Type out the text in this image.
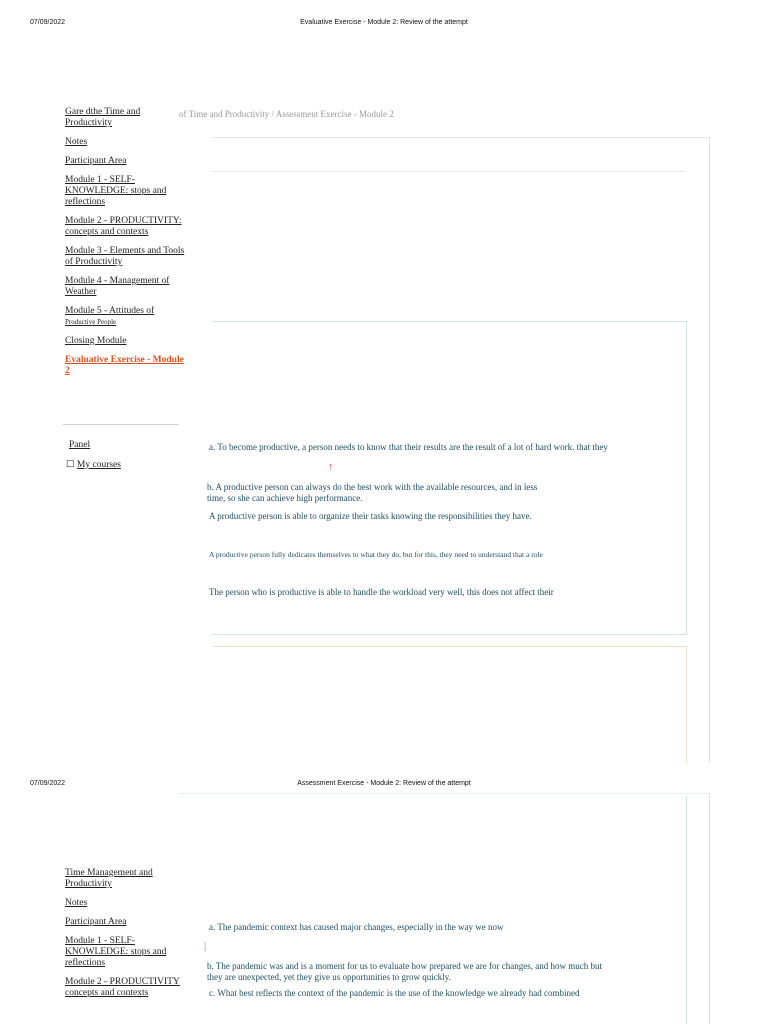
07/09/2022	Evaluative Exercise - Module 2: Review of the attempt
Gare dthe Time and Productivity
Notes
Participant Area
Module 1 - SELF-KNOWLEDGE: stops and reflections
Module 2 - PRODUCTIVITY: concepts and contexts
Module 3 - Elements and Tools of Productivity
Module 4 - Management of Weather
Module 5 - Attitudes of
Productive People
Closing Module
Evaluative Exercise - Module 2
Panel
☐ My courses
of Time and Productivity / Assessment Exercise - Module 2
a. To become productive, a person needs to know that their results are the result of a lot of hard work. that they
↑
b. A productive person can always do the best work with the available resources, and in less time, so she can achieve high performance.
A productive person is able to organize their tasks knowing the responsibilities they have.
A productive person fully dedicates themselves to what they do, but for this, they need to understand that a role
The person who is productive is able to handle the workload very well, this does not affect their
07/09/2022	Assessment Exercise - Module 2: Review of the attempt
Time Management and Productivity
Notes
Participant Area
Module 1 - SELF-KNOWLEDGE: stops and reflections
Module 2 - PRODUCTIVITY concepts and contexts
a. The pandemic context has caused major changes, especially in the way we now
|
b. The pandemic was and is a moment for us to evaluate how prepared we are for changes, and how much but they are unexpected, yet they give us opportunities to grow quickly.
c. What best reflects the context of the pandemic is the use of the knowledge we already had combined
